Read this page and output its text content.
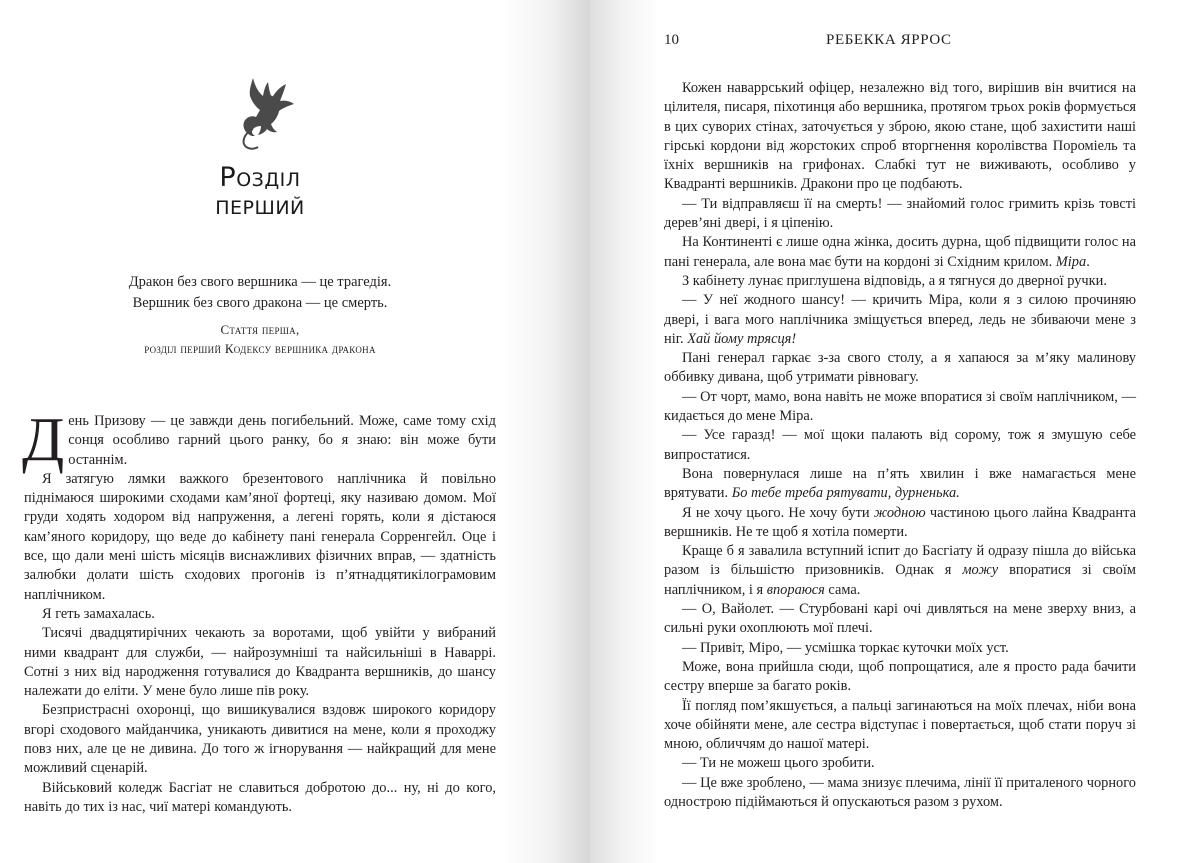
Розділ
перший
Дракон без свого вершника — це трагедія.
Вершник без свого дракона — це смерть.
Стаття перша,
розділ перший Кодексу вершника дракона

День Призову — це завжди день погибельний. Може, саме тому схід сонця особливо гарний цього ранку, бо я знаю: він може бути останнім.

Я затягую лямки важкого брезентового наплічника й повільно піднімаюся широкими сходами кам’яної фортеці, яку називаю домом. Мої груди ходять ходором від напруження, а легені горять, коли я дістаюся кам’яного коридору, що веде до кабінету пані генерала Сорренгейл. Оце і все, що дали мені шість місяців виснажливих фізичних вправ, — здатність залюбки долати шість сходових прогонів із п’ятнадцятикілограмовим наплічником.

Я геть замахалась.

Тисячі двадцятирічних чекають за воротами, щоб увійти у вибраний ними квадрант для служби, — найрозумніші та найсильніші в Наваррі. Сотні з них від народження готувалися до Квадранта вершників, до шансу належати до еліти. У мене було лише пів року.

Безпристрасні охоронці, що вишикувалися вздовж широкого коридору вгорі сходового майданчика, уникають дивитися на мене, коли я проходжу повз них, але це не дивина. До того ж ігнорування — найкращий для мене можливий сценарій.

Військовий коледж Басгіат не славиться добротою до... ну, ні до кого, навіть до тих із нас, чиї матері командують.

10	РЕБЕККА ЯРРОС

Кожен наваррський офіцер, незалежно від того, вирішив він вчитися на цілителя, писаря, піхотинця або вершника, протягом трьох років формується в цих суворих стінах, заточується у зброю, якою стане, щоб захистити наші гірські кордони від жорстоких спроб вторгнення королівства Пороміель та їхніх вершників на грифонах. Слабкі тут не виживають, особливо у Квадранті вершників. Дракони про це подбають.

— Ти відправляєш її на смерть! — знайомий голос гримить крізь товсті дерев’яні двері, і я ціпенію.

На Континенті є лише одна жінка, досить дурна, щоб підвищити голос на пані генерала, але вона має бути на кордоні зі Східним крилом. Міра.

З кабінету лунає приглушена відповідь, а я тягнуся до дверної ручки.

— У неї жодного шансу! — кричить Міра, коли я з силою прочиняю двері, і вага мого наплічника зміщується вперед, ледь не збиваючи мене з ніг. Хай йому трясця!

Пані генерал гаркає з-за свого столу, а я хапаюся за м’яку малинову оббивку дивана, щоб утримати рівновагу.

— От чорт, мамо, вона навіть не може впоратися зі своїм наплічником, — кидається до мене Міра.

— Усе гаразд! — мої щоки палають від сорому, тож я змушую себе випростатися.

Вона повернулася лише на п’ять хвилин і вже намагається мене врятувати. Бо тебе треба рятувати, дурненька.

Я не хочу цього. Не хочу бути жодною частиною цього лайна Квадранта вершників. Не те щоб я хотіла померти.

Краще б я завалила вступний іспит до Басгіату й одразу пішла до війська разом із більшістю призовників. Однак я можу впоратися зі своїм наплічником, і я впораюся сама.

— О, Вайолет. — Стурбовані карі очі дивляться на мене зверху вниз, а сильні руки охоплюють мої плечі.

— Привіт, Міро, — усмішка торкає куточки моїх уст.

Може, вона прийшла сюди, щоб попрощатися, але я просто рада бачити сестру вперше за багато років.

Її погляд пом’якшується, а пальці загинаються на моїх плечах, ніби вона хоче обійняти мене, але сестра відступає і повертається, щоб стати поруч зі мною, обличчям до нашої матері.

— Ти не можеш цього зробити.

— Це вже зроблено, — мама знизує плечима, лінії її приталеного чорного однострою підіймаються й опускаються разом з рухом.
